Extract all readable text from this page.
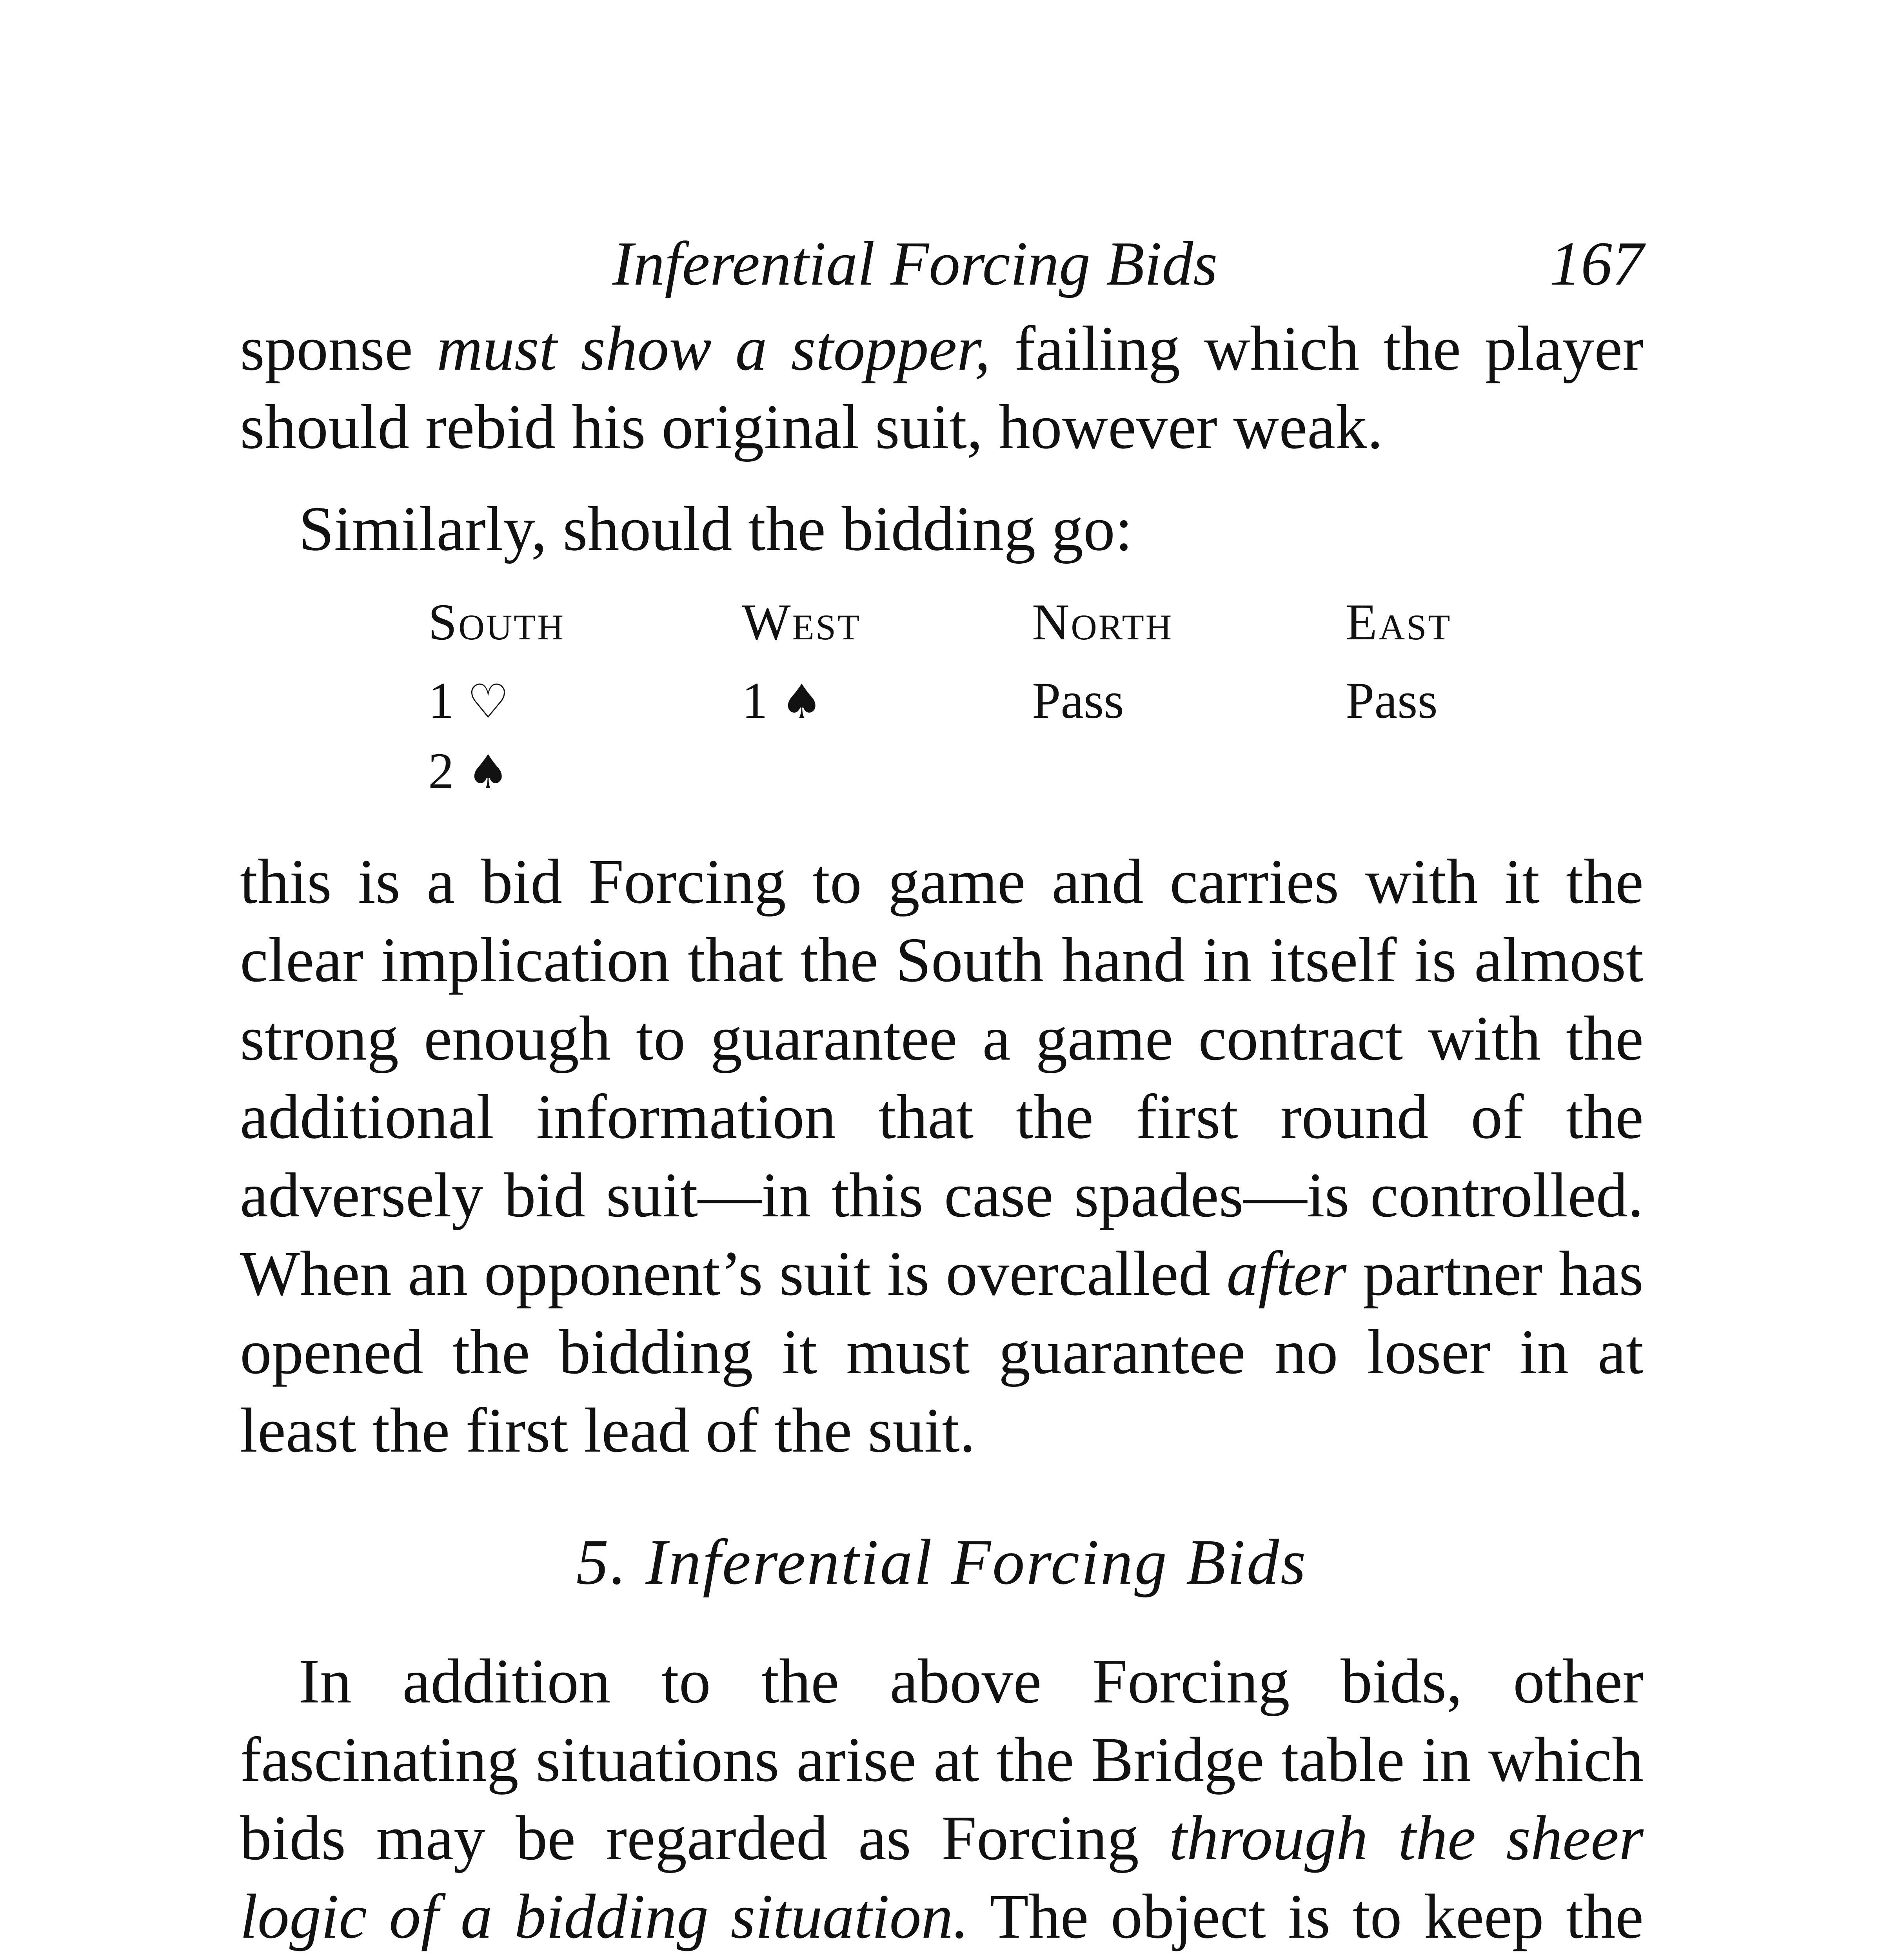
Inferential Forcing Bids	167

sponse must show a stopper, failing which the player should rebid his original suit, however weak.

Similarly, should the bidding go:

South	West	North	East
1 ♡	1 ♠	Pass	Pass
2 ♠

this is a bid Forcing to game and carries with it the clear implication that the South hand in itself is almost strong enough to guarantee a game contract with the additional information that the first round of the adversely bid suit—in this case spades—is controlled. When an opponent’s suit is overcalled after partner has opened the bidding it must guarantee no loser in at least the first lead of the suit.

5. Inferential Forcing Bids

In addition to the above Forcing bids, other fascinating situations arise at the Bridge table in which bids may be regarded as Forcing through the sheer logic of a bidding situation. The object is to keep the
